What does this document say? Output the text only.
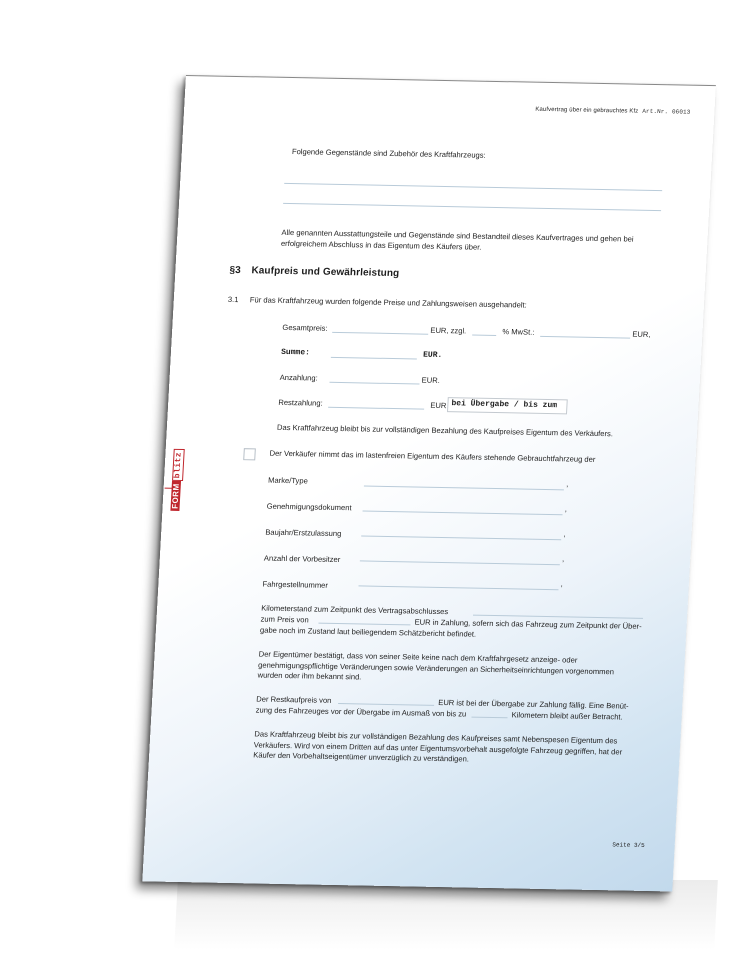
Kaufvertrag über ein gebrauchtes Kfz Art.Nr. 06013
FORMblitz
Folgende Gegenstände sind Zubehör des Kraftfahrzeugs:
Alle genannten Ausstattungsteile und Gegenstände sind Bestandteil dieses Kaufvertrages und gehen bei erfolgreichem Abschluss in das Eigentum des Käufers über.
§3 Kaufpreis und Gewährleistung
3.1 Für das Kraftfahrzeug wurden folgende Preise und Zahlungsweisen ausgehandelt:
Gesamtpreis:	EUR, zzgl.	% MwSt.:	EUR,
Summe:	EUR.
Anzahlung:	EUR.
Restzahlung:	EUR bei Übergabe / bis zum
Das Kraftfahrzeug bleibt bis zur vollständigen Bezahlung des Kaufpreises Eigentum des Verkäufers.
Der Verkäufer nimmt das im lastenfreien Eigentum des Käufers stehende Gebrauchtfahrzeug der
Marke/Type	,
Genehmigungsdokument	,
Baujahr/Erstzulassung	,
Anzahl der Vorbesitzer	,
Fahrgestellnummer	,
Kilometerstand zum Zeitpunkt des Vertragsabschlusses
zum Preis von	EUR in Zahlung, sofern sich das Fahrzeug zum Zeitpunkt der Über-
gabe noch im Zustand laut beiliegendem Schätzbericht befindet.
Der Eigentümer bestätigt, dass von seiner Seite keine nach dem Kraftfahrgesetz anzeige- oder genehmigungspflichtige Veränderungen sowie Veränderungen an Sicherheitseinrichtungen vorgenommen wurden oder ihm bekannt sind.
Der Restkaufpreis von	EUR ist bei der Übergabe zur Zahlung fällig. Eine Benüt-
zung des Fahrzeuges vor der Übergabe im Ausmaß von bis zu	Kilometern bleibt außer Betracht.
Das Kraftfahrzeug bleibt bis zur vollständigen Bezahlung des Kaufpreises samt Nebenspesen Eigentum des Verkäufers. Wird von einem Dritten auf das unter Eigentumsvorbehalt ausgefolgte Fahrzeug gegriffen, hat der Käufer den Vorbehaltseigentümer unverzüglich zu verständigen.
Seite 3/5
